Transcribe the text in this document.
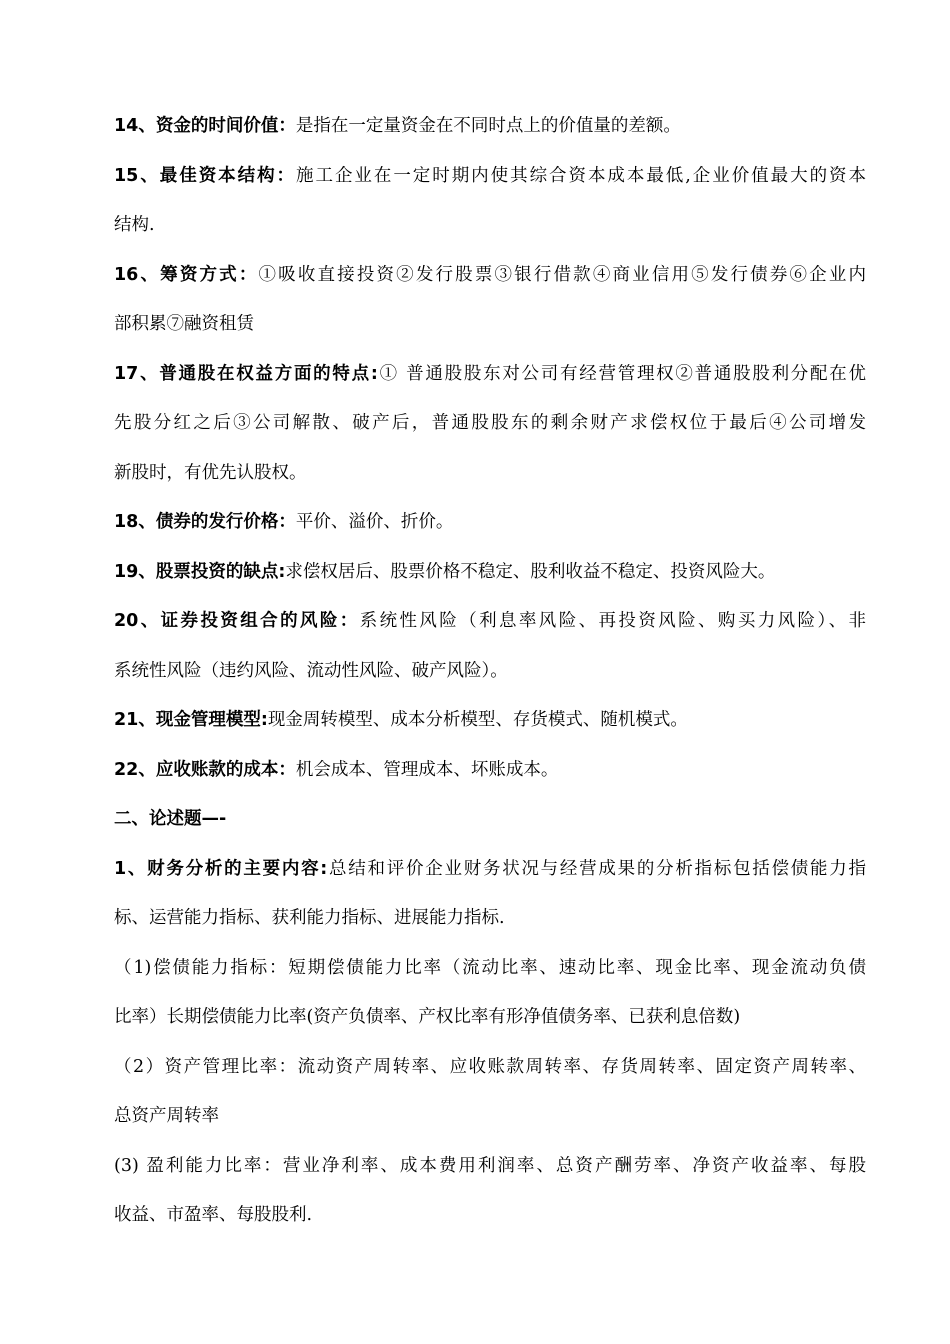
14、资金的时间价值：是指在一定量资金在不同时点上的价值量的差额。
15、最佳资本结构：施工企业在一定时期内使其综合资本成本最低,企业价值最大的资本
结构.
16、筹资方式：①吸收直接投资②发行股票③银行借款④商业信用⑤发行债券⑥企业内
部积累⑦融资租赁
17、普通股在权益方面的特点:① 普通股股东对公司有经营管理权②普通股股利分配在优
先股分红之后③公司解散、破产后，普通股股东的剩余财产求偿权位于最后④公司增发
新股时，有优先认股权。
18、债券的发行价格：平价、溢价、折价。
19、股票投资的缺点:求偿权居后、股票价格不稳定、股利收益不稳定、投资风险大。
20、证券投资组合的风险：系统性风险（利息率风险、再投资风险、购买力风险）、非
系统性风险（违约风险、流动性风险、破产风险）。
21、现金管理模型:现金周转模型、成本分析模型、存货模式、随机模式。
22、应收账款的成本：机会成本、管理成本、坏账成本。
二、论述题—-
1、财务分析的主要内容:总结和评价企业财务状况与经营成果的分析指标包括偿债能力指
标、运营能力指标、获利能力指标、进展能力指标.
（1)偿债能力指标：短期偿债能力比率（流动比率、速动比率、现金比率、现金流动负债
比率）长期偿债能力比率(资产负债率、产权比率有形净值债务率、已获利息倍数)
（2）资产管理比率：流动资产周转率、应收账款周转率、存货周转率、固定资产周转率、
总资产周转率
(3) 盈利能力比率：营业净利率、成本费用利润率、总资产酬劳率、净资产收益率、每股
收益、市盈率、每股股利.
